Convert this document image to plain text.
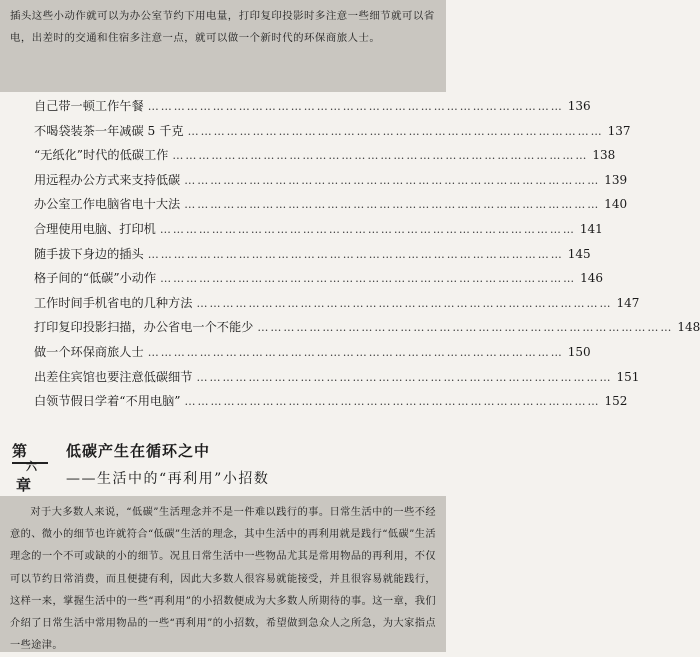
插头这些小动作就可以为办公室节约下用电量，打印复印投影时多注意一些细节就可以省电，出差时的交通和住宿多注意一点，就可以做一个新时代的环保商旅人士。

自己带一顿工作午餐 …………………………………………………………………………………… 136
不喝袋装茶一年减碳 5 千克 …………………………………………………………………………………… 137
“无纸化”时代的低碳工作 …………………………………………………………………………………… 138
用远程办公方式来支持低碳 …………………………………………………………………………………… 139
办公室工作电脑省电十大法 …………………………………………………………………………………… 140
合理使用电脑、打印机 …………………………………………………………………………………… 141
随手拔下身边的插头 …………………………………………………………………………………… 145
格子间的“低碳”小动作 …………………………………………………………………………………… 146
工作时间手机省电的几种方法 …………………………………………………………………………………… 147
打印复印投影扫描，办公省电一个不能少 …………………………………………………………………………………… 148
做一个环保商旅人士 …………………………………………………………………………………… 150
出差住宾馆也要注意低碳细节 …………………………………………………………………………………… 151
白领节假日学着“不用电脑” …………………………………………………………………………………… 152
第
六
章
低碳产生在循环之中
——生活中的“再利用”小招数

对于大多数人来说，“低碳”生活理念并不是一件难以践行的事。日常生活中的一些不经意的、微小的细节也许就符合“低碳”生活的理念，其中生活中的再利用就是践行“低碳”生活理念的一个不可或缺的小的细节。况且日常生活中一些物品尤其是常用物品的再利用，不仅可以节约日常消费，而且便捷有利，因此大多数人很容易就能接受，并且很容易就能践行，这样一来，掌握生活中的一些“再利用”的小招数便成为大多数人所期待的事。这一章，我们介绍了日常生活中常用物品的一些“再利用”的小招数，希望做到急众人之所急，为大家指点一些途津。
